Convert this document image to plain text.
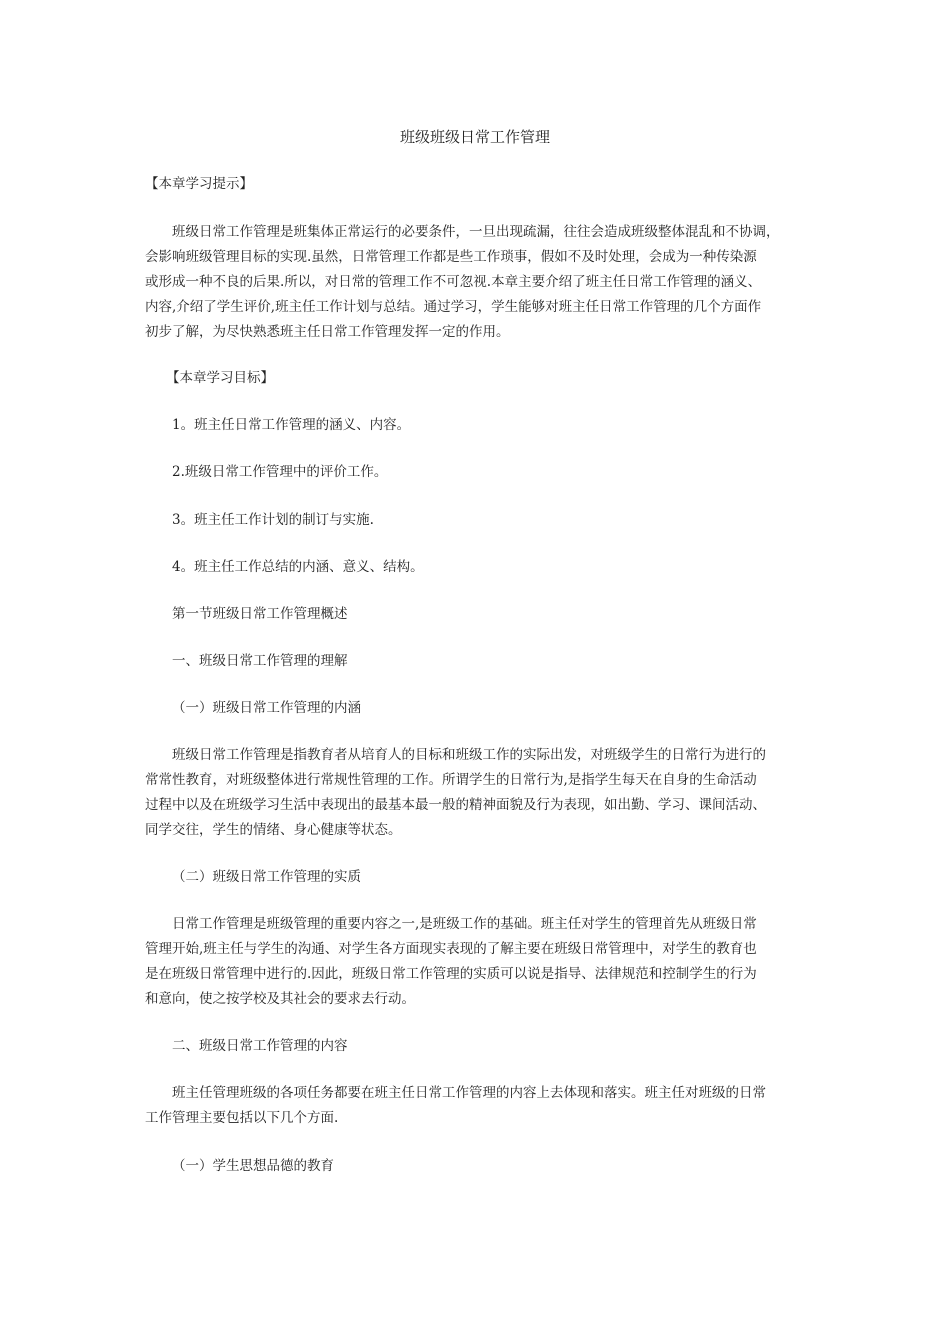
班级班级日常工作管理

【本章学习提示】

班级日常工作管理是班集体正常运行的必要条件，一旦出现疏漏，往往会造成班级整体混乱和不协调，
会影响班级管理目标的实现.虽然，日常管理工作都是些工作琐事，假如不及时处理，会成为一种传染源
或形成一种不良的后果.所以，对日常的管理工作不可忽视.本章主要介绍了班主任日常工作管理的涵义、
内容,介绍了学生评价,班主任工作计划与总结。通过学习，学生能够对班主任日常工作管理的几个方面作
初步了解，为尽快熟悉班主任日常工作管理发挥一定的作用。

【本章学习目标】

1。班主任日常工作管理的涵义、内容。

2.班级日常工作管理中的评价工作。

3。班主任工作计划的制订与实施.

4。班主任工作总结的内涵、意义、结构。

第一节班级日常工作管理概述

一、班级日常工作管理的理解

（一）班级日常工作管理的内涵

班级日常工作管理是指教育者从培育人的目标和班级工作的实际出发，对班级学生的日常行为进行的
常常性教育，对班级整体进行常规性管理的工作。所谓学生的日常行为,是指学生每天在自身的生命活动
过程中以及在班级学习生活中表现出的最基本最一般的精神面貌及行为表现，如出勤、学习、课间活动、
同学交往，学生的情绪、身心健康等状态。

（二）班级日常工作管理的实质

日常工作管理是班级管理的重要内容之一,是班级工作的基础。班主任对学生的管理首先从班级日常
管理开始,班主任与学生的沟通、对学生各方面现实表现的了解主要在班级日常管理中，对学生的教育也
是在班级日常管理中进行的.因此，班级日常工作管理的实质可以说是指导、法律规范和控制学生的行为
和意向，使之按学校及其社会的要求去行动。

二、班级日常工作管理的内容

班主任管理班级的各项任务都要在班主任日常工作管理的内容上去体现和落实。班主任对班级的日常
工作管理主要包括以下几个方面.

（一）学生思想品德的教育
